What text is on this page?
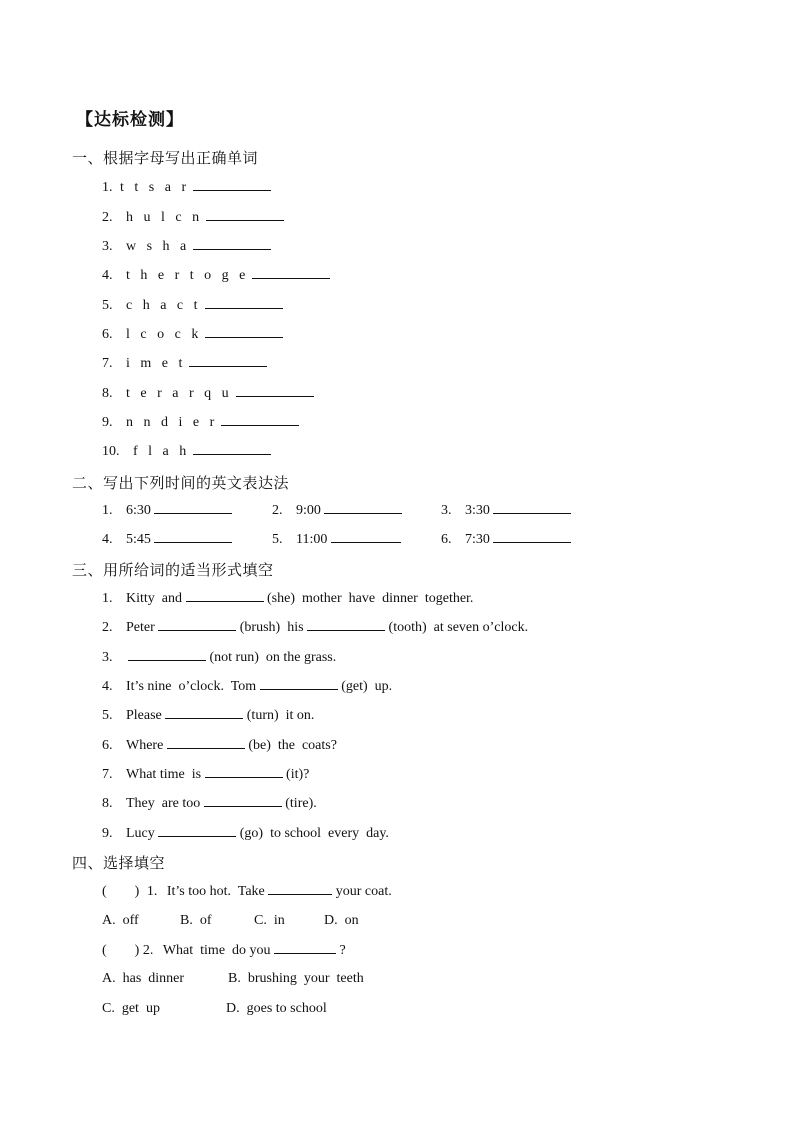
【达标检测】
一、根据字母写出正确单词
1. t t s a r
2. h u l c n
3. w s h a
4. t h e r t o g e
5. c h a c t
6. l c o c k
7. i m e t
8. t e r a r q u
9. n n d i e r
10. f l a h
二、写出下列时间的英文表达法
1. 6:30	2. 9:00	3. 3:30
4. 5:45	5. 11:00	6. 7:30
三、用所给词的适当形式填空
1. Kitty  and	(she)  mother  have  dinner  together.
2. Peter	(brush)  his	(tooth)  at seven o’clock.
3.	(not run)  on the grass.
4. It’s nine  o’clock.  Tom	(get)  up.
5. Please	(turn)  it on.
6. Where	(be)  the  coats?
7. What time  is	(it)?
8. They  are too	(tire).
9. Lucy	(go)  to school  every  day.
四、选择填空
(        ) 1. It’s too hot.  Take	your coat.
A.  off	B.  of	C.  in	D.  on
(        ) 2. What  time  do you	?
A.  has  dinner	B.  brushing  your  teeth
C.  get  up	D.  goes to school
